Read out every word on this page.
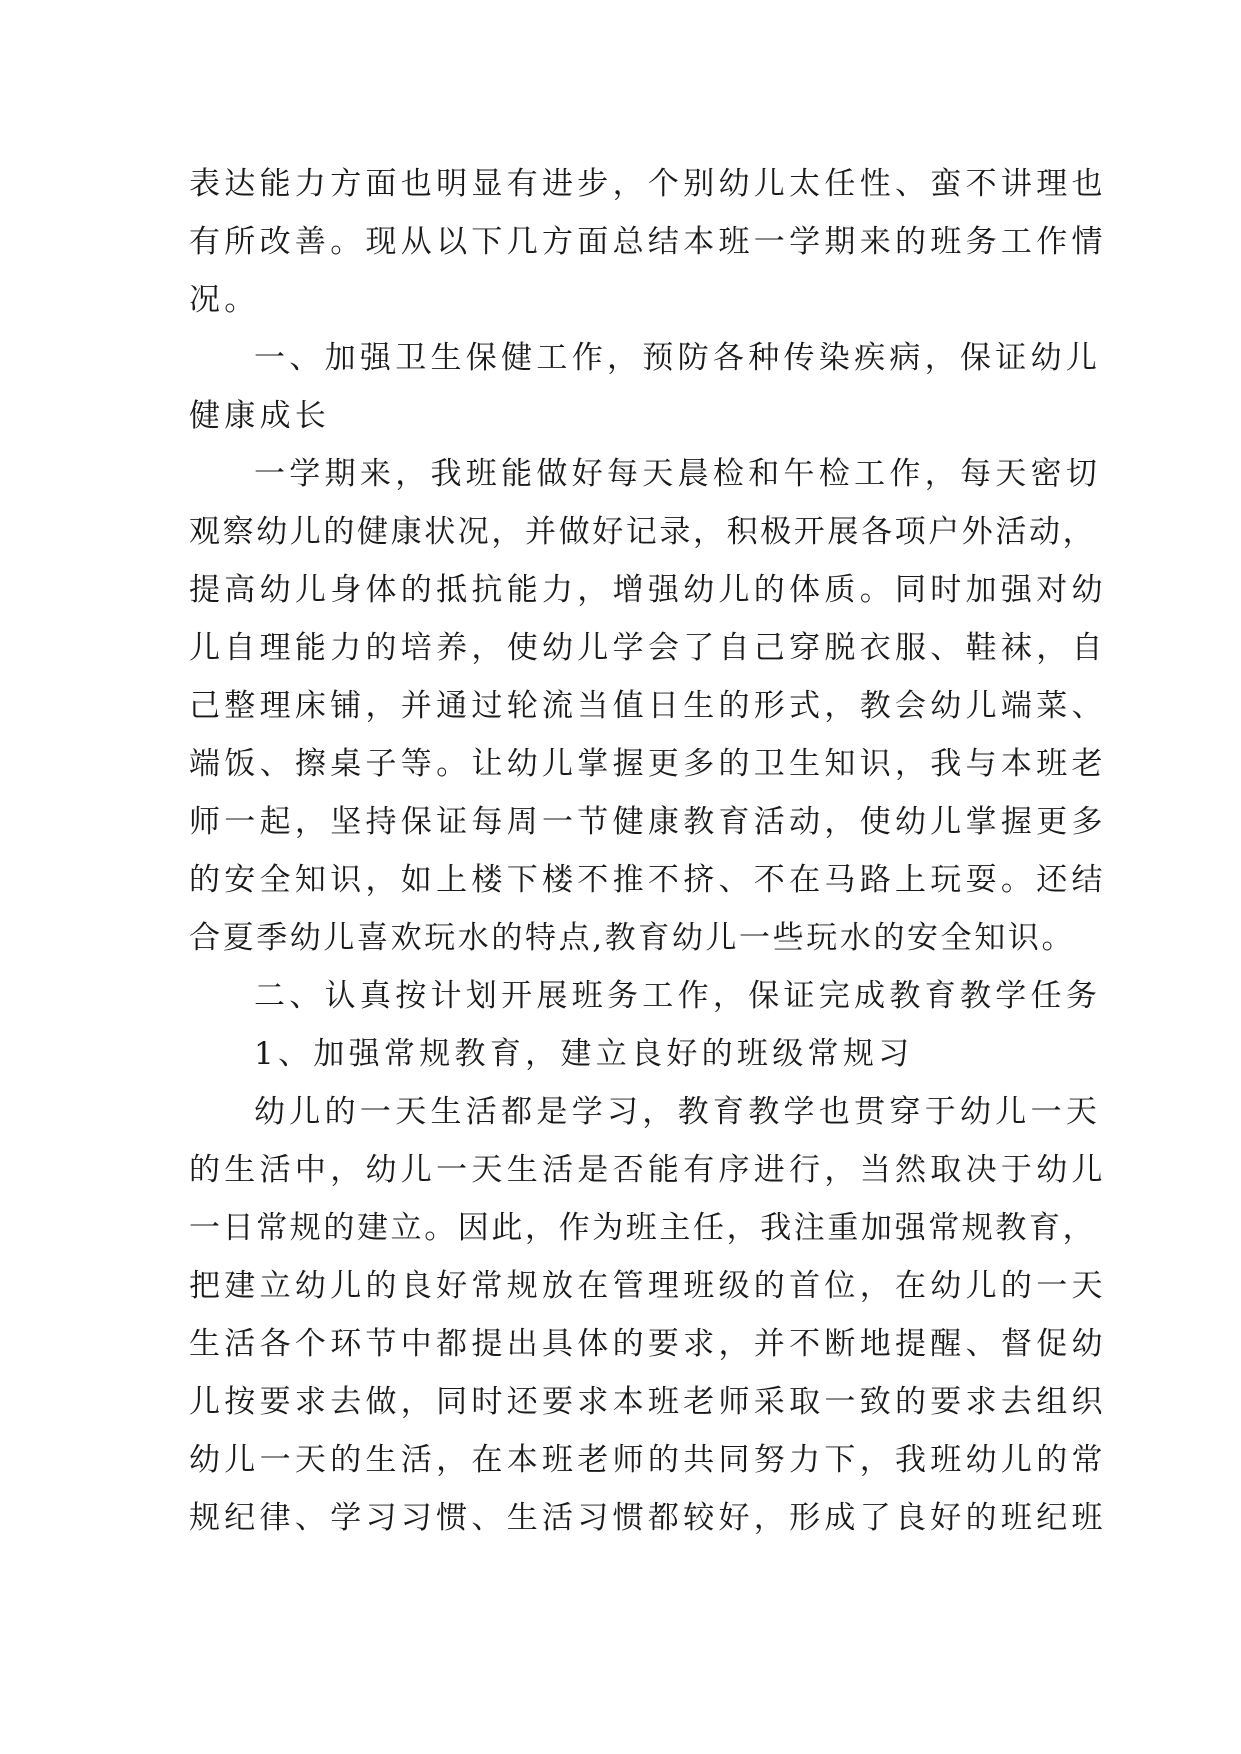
表达能力方面也明显有进步，个别幼儿太任性、蛮不讲理也
有所改善。现从以下几方面总结本班一学期来的班务工作情
况。
一、加强卫生保健工作，预防各种传染疾病，保证幼儿
健康成长
一学期来，我班能做好每天晨检和午检工作，每天密切
观察幼儿的健康状况，并做好记录，积极开展各项户外活动，
提高幼儿身体的抵抗能力，增强幼儿的体质。同时加强对幼
儿自理能力的培养，使幼儿学会了自己穿脱衣服、鞋袜，自
己整理床铺，并通过轮流当值日生的形式，教会幼儿端菜、
端饭、擦桌子等。让幼儿掌握更多的卫生知识，我与本班老
师一起，坚持保证每周一节健康教育活动，使幼儿掌握更多
的安全知识，如上楼下楼不推不挤、不在马路上玩耍。还结
合夏季幼儿喜欢玩水的特点,教育幼儿一些玩水的安全知识。
二、认真按计划开展班务工作，保证完成教育教学任务
1、加强常规教育，建立良好的班级常规习
幼儿的一天生活都是学习，教育教学也贯穿于幼儿一天
的生活中，幼儿一天生活是否能有序进行，当然取决于幼儿
一日常规的建立。因此，作为班主任，我注重加强常规教育，
把建立幼儿的良好常规放在管理班级的首位，在幼儿的一天
生活各个环节中都提出具体的要求，并不断地提醒、督促幼
儿按要求去做，同时还要求本班老师采取一致的要求去组织
幼儿一天的生活，在本班老师的共同努力下，我班幼儿的常
规纪律、学习习惯、生活习惯都较好，形成了良好的班纪班
